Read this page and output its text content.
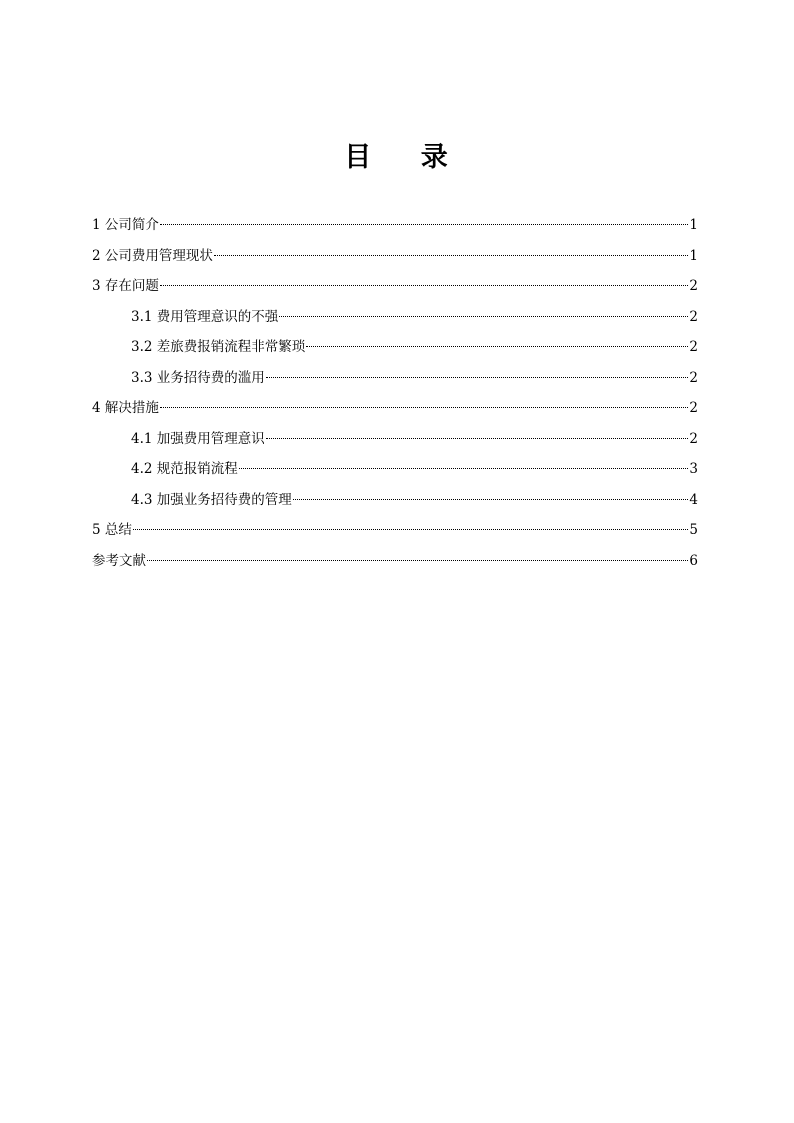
目 录
1 公司简介	1
2 公司费用管理现状	1
3 存在问题	2
3.1 费用管理意识的不强	2
3.2 差旅费报销流程非常繁琐	2
3.3 业务招待费的滥用	2
4 解决措施	2
4.1 加强费用管理意识	2
4.2 规范报销流程	3
4.3 加强业务招待费的管理	4
5 总结	5
参考文献	6
